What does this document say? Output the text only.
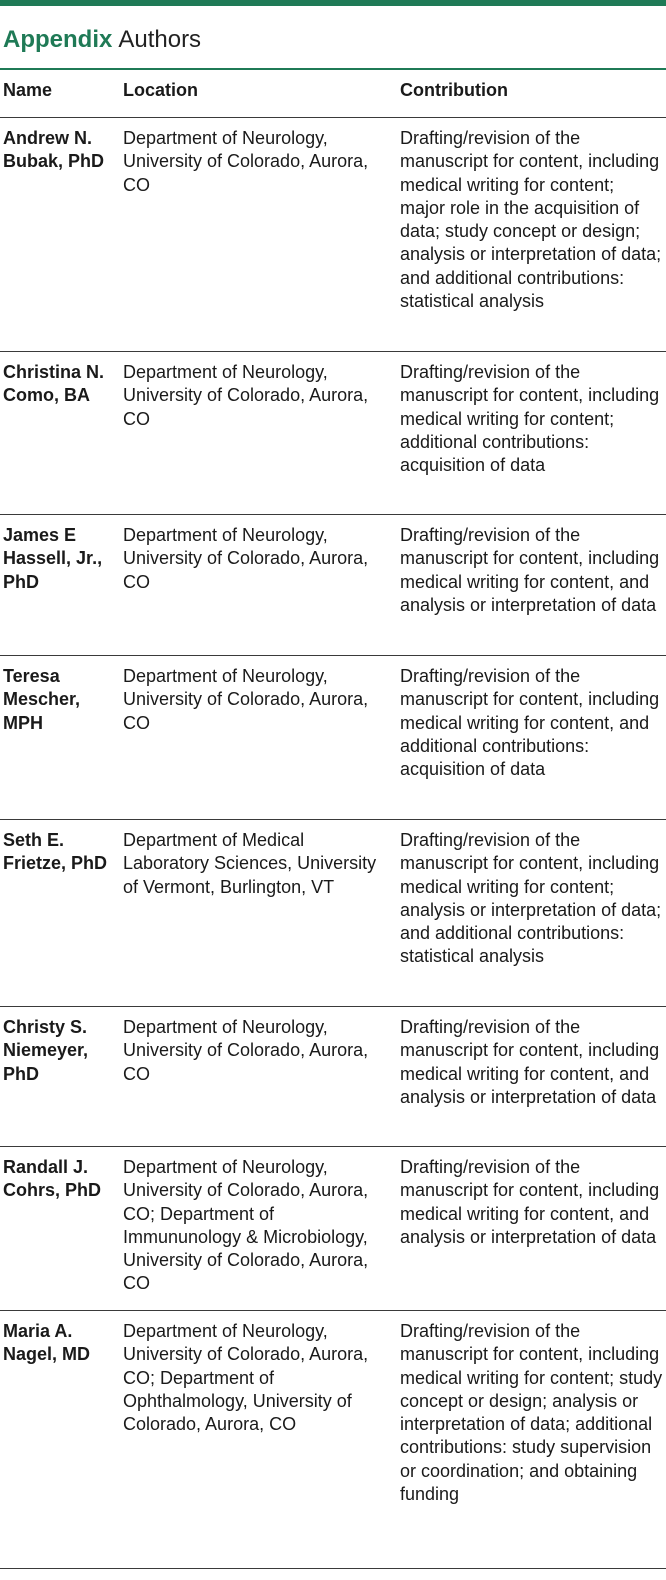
Appendix Authors
Name	Location	Contribution
Andrew N. Bubak, PhD
Department of Neurology, University of Colorado, Aurora, CO
Drafting/revision of the manuscript for content, including medical writing for content; major role in the acquisition of data; study concept or design; analysis or interpretation of data; and additional contributions: statistical analysis
Christina N. Como, BA
Department of Neurology, University of Colorado, Aurora, CO
Drafting/revision of the manuscript for content, including medical writing for content; additional contributions: acquisition of data
James E Hassell, Jr., PhD
Department of Neurology, University of Colorado, Aurora, CO
Drafting/revision of the manuscript for content, including medical writing for content, and analysis or interpretation of data
Teresa Mescher, MPH
Department of Neurology, University of Colorado, Aurora, CO
Drafting/revision of the manuscript for content, including medical writing for content, and additional contributions: acquisition of data
Seth E. Frietze, PhD
Department of Medical Laboratory Sciences, University of Vermont, Burlington, VT
Drafting/revision of the manuscript for content, including medical writing for content; analysis or interpretation of data; and additional contributions: statistical analysis
Christy S. Niemeyer, PhD
Department of Neurology, University of Colorado, Aurora, CO
Drafting/revision of the manuscript for content, including medical writing for content, and analysis or interpretation of data
Randall J. Cohrs, PhD
Department of Neurology, University of Colorado, Aurora, CO; Department of Immununology & Microbiology, University of Colorado, Aurora, CO
Drafting/revision of the manuscript for content, including medical writing for content, and analysis or interpretation of data
Maria A. Nagel, MD
Department of Neurology, University of Colorado, Aurora, CO; Department of Ophthalmology, University of Colorado, Aurora, CO
Drafting/revision of the manuscript for content, including medical writing for content; study concept or design; analysis or interpretation of data; additional contributions: study supervision or coordination; and obtaining funding
